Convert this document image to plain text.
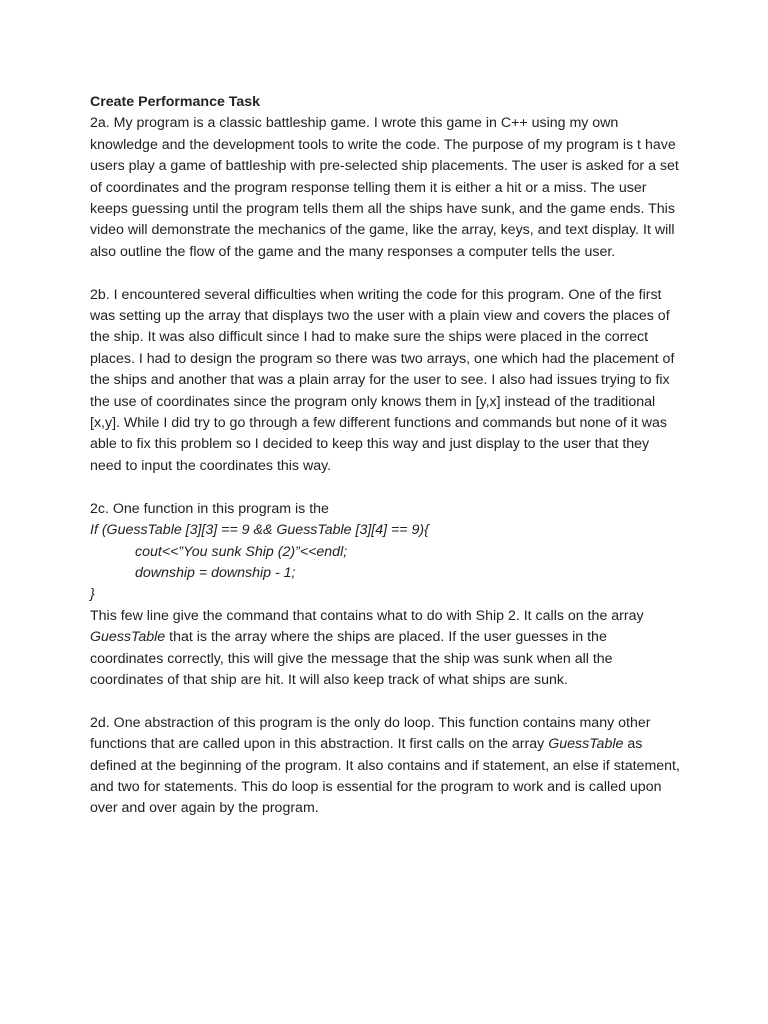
Create Performance Task

2a. My program is a classic battleship game. I wrote this game in C++ using my own knowledge and the development tools to write the code. The purpose of my program is t have users play a game of battleship with pre-selected ship placements. The user is asked for a set of coordinates and the program response telling them it is either a hit or a miss. The user keeps guessing until the program tells them all the ships have sunk, and the game ends. This video will demonstrate the mechanics of the game, like the array, keys, and text display. It will also outline the flow of the game and the many responses a computer tells the user.

2b. I encountered several difficulties when writing the code for this program. One of the first was setting up the array that displays two the user with a plain view and covers the places of the ship. It was also difficult since I had to make sure the ships were placed in the correct places. I had to design the program so there was two arrays, one which had the placement of the ships and another that was a plain array for the user to see. I also had issues trying to fix the use of coordinates since the program only knows them in [y,x] instead of the traditional [x,y]. While I did try to go through a few different functions and commands but none of it was able to fix this problem so I decided to keep this way and just display to the user that they need to input the coordinates this way.

2c. One function in this program is the

If (GuessTable [3][3] == 9 && GuessTable [3][4] == 9){

cout<<”You sunk Ship (2)”<<endl;

downship = downship - 1;

}

This few line give the command that contains what to do with Ship 2. It calls on the array GuessTable that is the array where the ships are placed. If the user guesses in the coordinates correctly, this will give the message that the ship was sunk when all the coordinates of that ship are hit. It will also keep track of what ships are sunk.

2d. One abstraction of this program is the only do loop. This function contains many other functions that are called upon in this abstraction. It first calls on the array GuessTable as defined at the beginning of the program. It also contains and if statement, an else if statement, and two for statements. This do loop is essential for the program to work and is called upon over and over again by the program.
